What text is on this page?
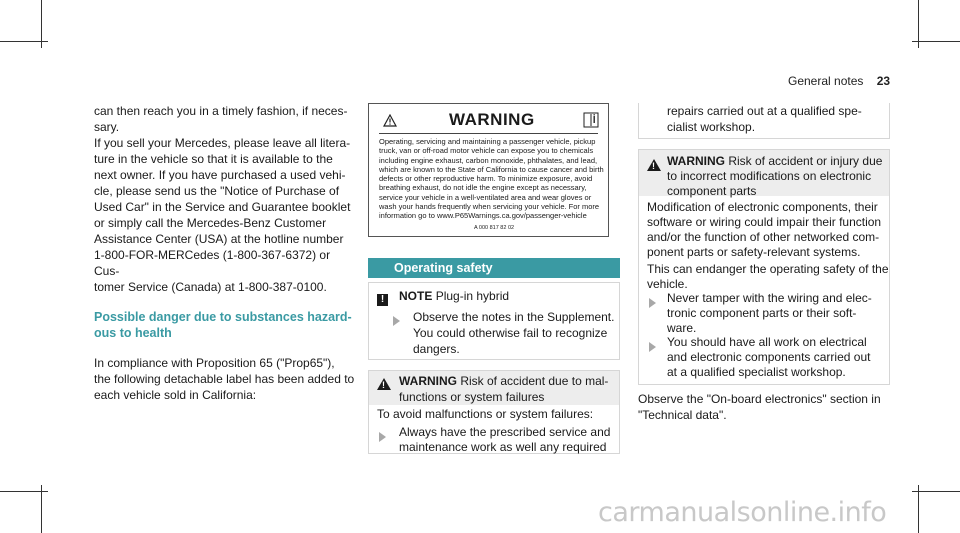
General notes 23

can then reach you in a timely fashion, if neces-
sary.

If you sell your Mercedes, please leave all litera-
ture in the vehicle so that it is available to the
next owner. If you have purchased a used vehi-
cle, please send us the "Notice of Purchase of
Used Car" in the Service and Guarantee booklet
or simply call the Mercedes-Benz Customer
Assistance Center (USA) at the hotline number
1-800-FOR-MERCedes (1-800-367-6372) or Cus-
tomer Service (Canada) at 1-800-387-0100.

Possible danger due to substances hazard-
ous to health

In compliance with Proposition 65 ("Prop65"),
the following detachable label has been added to
each vehicle sold in California:

WARNING
Operating, servicing and maintaining a passenger vehicle, pickup
truck, van or off-road motor vehicle can expose you to chemicals
including engine exhaust, carbon monoxide, phthalates, and lead,
which are known to the State of California to cause cancer and birth
defects or other reproductive harm. To minimize exposure, avoid
breathing exhaust, do not idle the engine except as necessary,
service your vehicle in a well-ventilated area and wear gloves or
wash your hands frequently when servicing your vehicle. For more
information go to www.P65Warnings.ca.gov/passenger-vehicle
A 000 817 82 02
Operating safety
!	NOTE Plug-in hybrid
Observe the notes in the Supplement.
You could otherwise fail to recognize
dangers.
!
WARNING Risk of accident due to mal-
functions or system failures
To avoid malfunctions or system failures:
Always have the prescribed service and
maintenance work as well any required
repairs carried out at a qualified spe-
cialist workshop.
!
WARNING Risk of accident or injury due
to incorrect modifications on electronic
component parts
Modification of electronic components, their
software or wiring could impair their function
and/or the function of other networked com-
ponent parts or safety-relevant systems.
This can endanger the operating safety of the
vehicle.
Never tamper with the wiring and elec-
tronic component parts or their soft-
ware.
You should have all work on electrical
and electronic components carried out
at a qualified specialist workshop.
Observe the "On-board electronics" section in
"Technical data".
carmanualsonline.info
